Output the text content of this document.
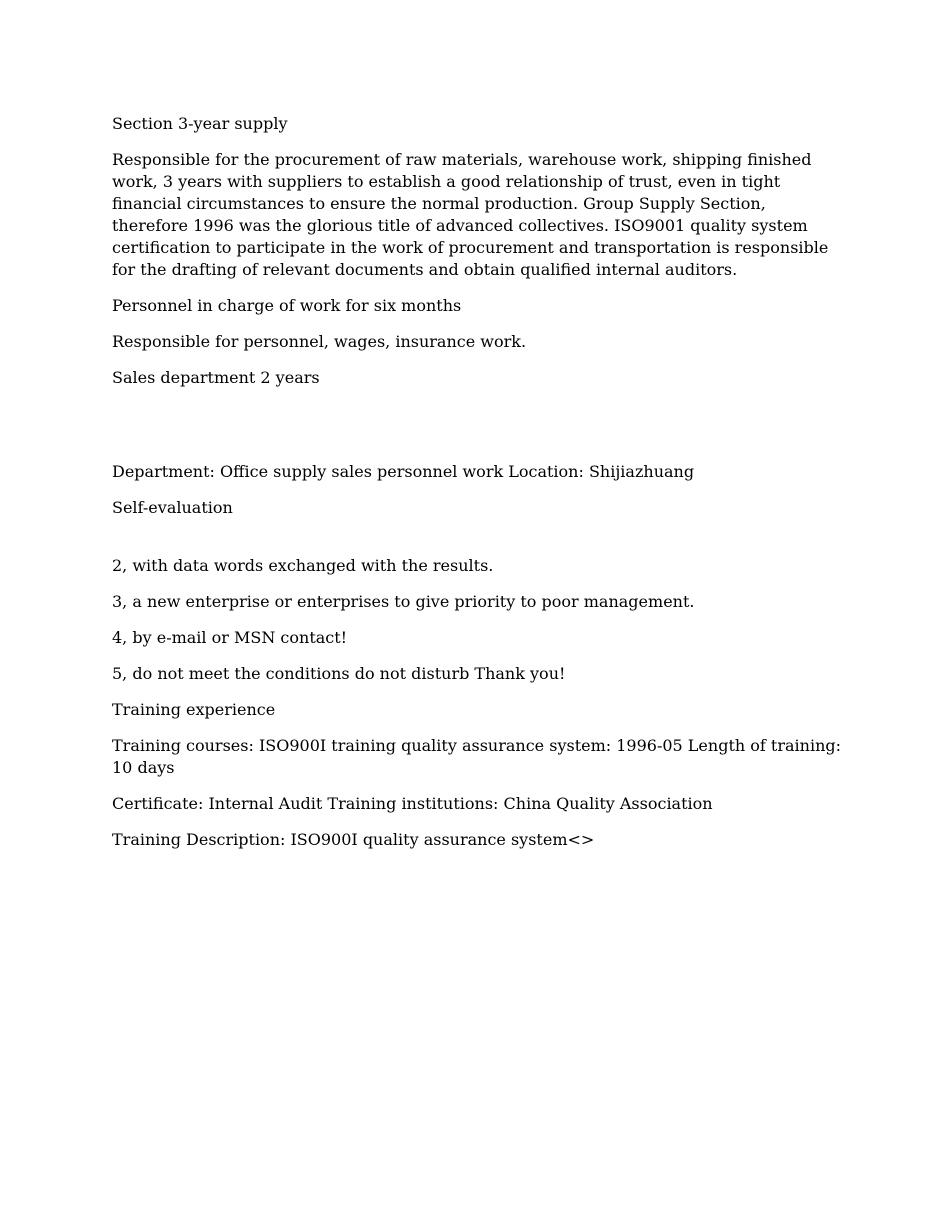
Section 3-year supply

Responsible for the procurement of raw materials, warehouse work, shipping finished work, 3 years with suppliers to establish a good relationship of trust, even in tight financial circumstances to ensure the normal production. Group Supply Section, therefore 1996 was the glorious title of advanced collectives. ISO9001 quality system certification to participate in the work of procurement and transportation is responsible for the drafting of relevant documents and obtain qualified internal auditors.

Personnel in charge of work for six months

Responsible for personnel, wages, insurance work.

Sales department 2 years

Department: Office supply sales personnel work Location: Shijiazhuang

Self-evaluation

2, with data words exchanged with the results.

3, a new enterprise or enterprises to give priority to poor management.

4, by e-mail or MSN contact!

5, do not meet the conditions do not disturb Thank you!

Training experience

Training courses: ISO900I training quality assurance system: 1996-05 Length of training: 10 days

Certificate: Internal Audit Training institutions: China Quality Association

Training Description: ISO900I quality assurance system<>
